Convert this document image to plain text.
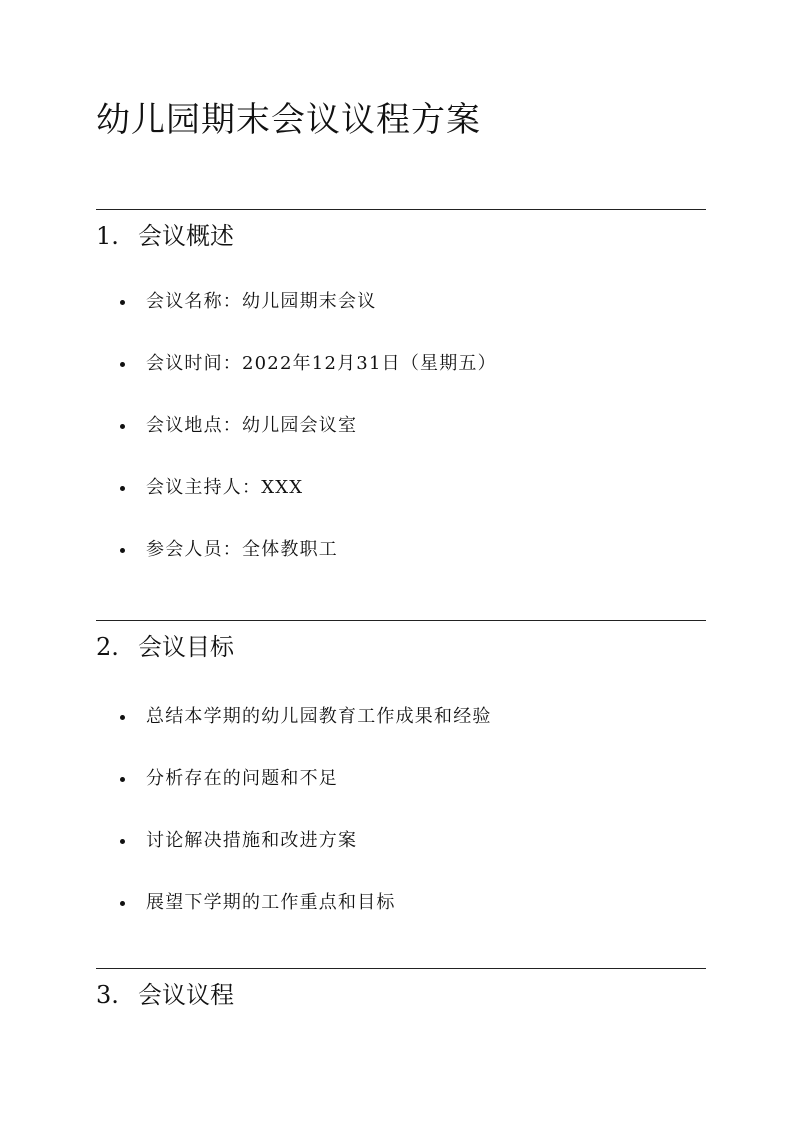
幼儿园期末会议议程方案
1. 会议概述
会议名称：幼儿园期末会议
会议时间：2022年12月31日（星期五）
会议地点：幼儿园会议室
会议主持人：XXX
参会人员：全体教职工
2. 会议目标
总结本学期的幼儿园教育工作成果和经验
分析存在的问题和不足
讨论解决措施和改进方案
展望下学期的工作重点和目标
3. 会议议程
